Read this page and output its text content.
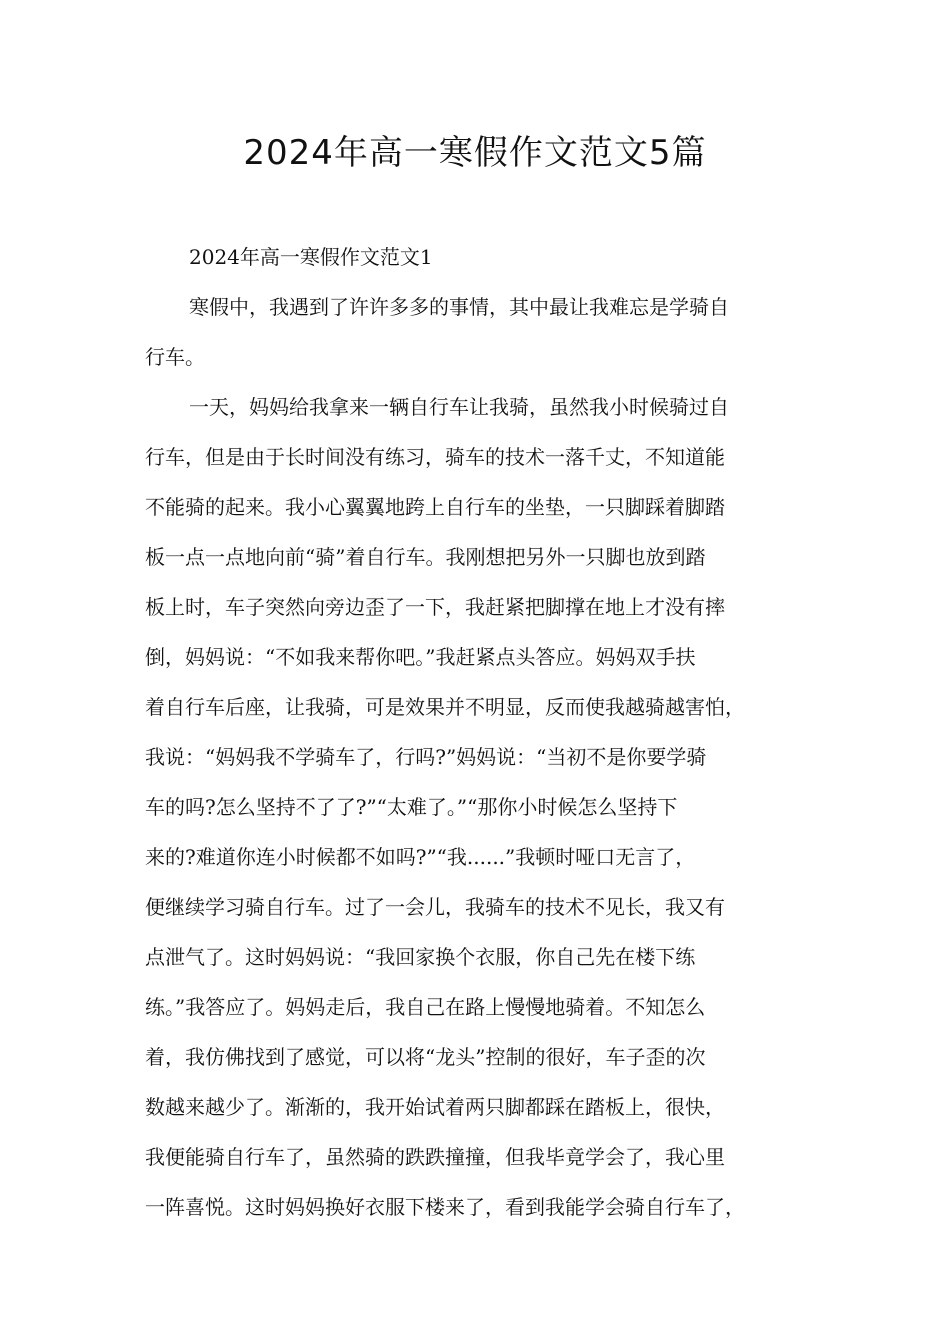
2024年高一寒假作文范文5篇
2024年高一寒假作文范文1
寒假中，我遇到了许许多多的事情，其中最让我难忘是学骑自
行车。
一天，妈妈给我拿来一辆自行车让我骑，虽然我小时候骑过自
行车，但是由于长时间没有练习，骑车的技术一落千丈，不知道能
不能骑的起来。我小心翼翼地跨上自行车的坐垫，一只脚踩着脚踏
板一点一点地向前“骑”着自行车。我刚想把另外一只脚也放到踏
板上时，车子突然向旁边歪了一下，我赶紧把脚撑在地上才没有摔
倒，妈妈说：“不如我来帮你吧。”我赶紧点头答应。妈妈双手扶
着自行车后座，让我骑，可是效果并不明显，反而使我越骑越害怕，
我说：“妈妈我不学骑车了，行吗?”妈妈说：“当初不是你要学骑
车的吗?怎么坚持不了了?”“太难了。”“那你小时候怎么坚持下
来的?难道你连小时候都不如吗?”“我......”我顿时哑口无言了，
便继续学习骑自行车。过了一会儿，我骑车的技术不见长，我又有
点泄气了。这时妈妈说：“我回家换个衣服，你自己先在楼下练
练。”我答应了。妈妈走后，我自己在路上慢慢地骑着。不知怎么
着，我仿佛找到了感觉，可以将“龙头”控制的很好，车子歪的次
数越来越少了。渐渐的，我开始试着两只脚都踩在踏板上，很快，
我便能骑自行车了，虽然骑的跌跌撞撞，但我毕竟学会了，我心里
一阵喜悦。这时妈妈换好衣服下楼来了，看到我能学会骑自行车了，
